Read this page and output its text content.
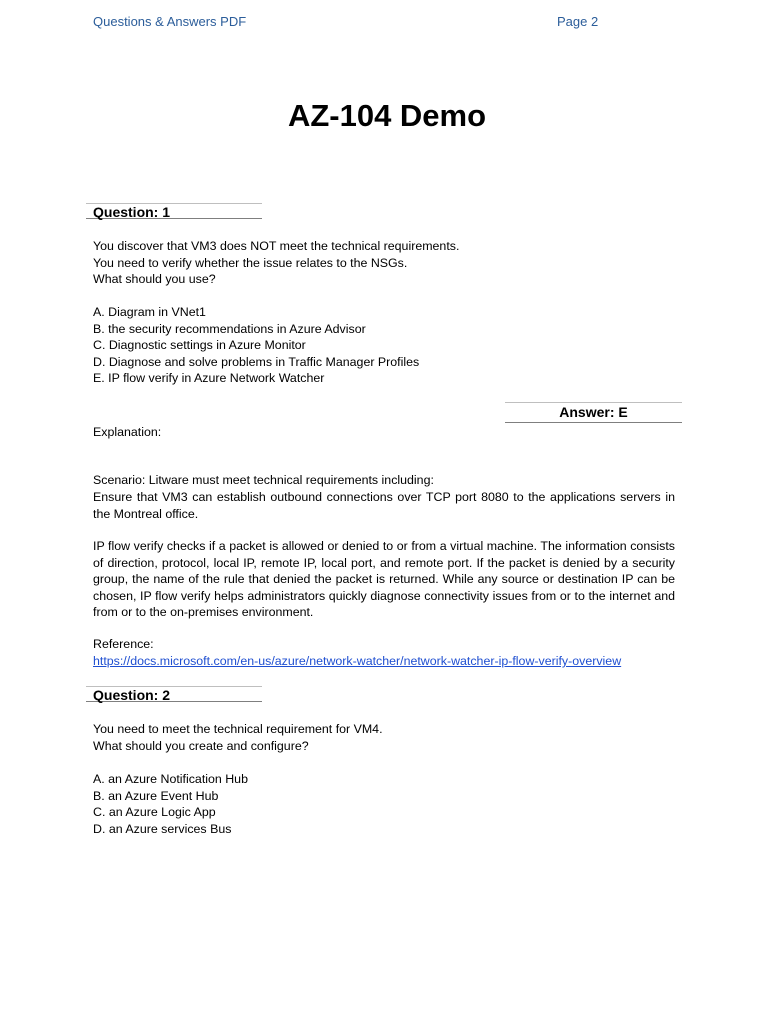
Questions & Answers PDF	Page 2
AZ-104 Demo
Question: 1
You discover that VM3 does NOT meet the technical requirements.
You need to verify whether the issue relates to the NSGs.
What should you use?
A. Diagram in VNet1
B. the security recommendations in Azure Advisor
C. Diagnostic settings in Azure Monitor
D. Diagnose and solve problems in Traffic Manager Profiles
E. IP flow verify in Azure Network Watcher
Answer: E
Explanation:
Scenario: Litware must meet technical requirements including:
Ensure that VM3 can establish outbound connections over TCP port 8080 to the applications servers in the Montreal office.
IP flow verify checks if a packet is allowed or denied to or from a virtual machine. The information consists of direction, protocol, local IP, remote IP, local port, and remote port. If the packet is denied by a security group, the name of the rule that denied the packet is returned. While any source or destination IP can be chosen, IP flow verify helps administrators quickly diagnose connectivity issues from or to the internet and from or to the on-premises environment.
Reference:
https://docs.microsoft.com/en-us/azure/network-watcher/network-watcher-ip-flow-verify-overview
Question: 2
You need to meet the technical requirement for VM4.
What should you create and configure?
A. an Azure Notification Hub
B. an Azure Event Hub
C. an Azure Logic App
D. an Azure services Bus
